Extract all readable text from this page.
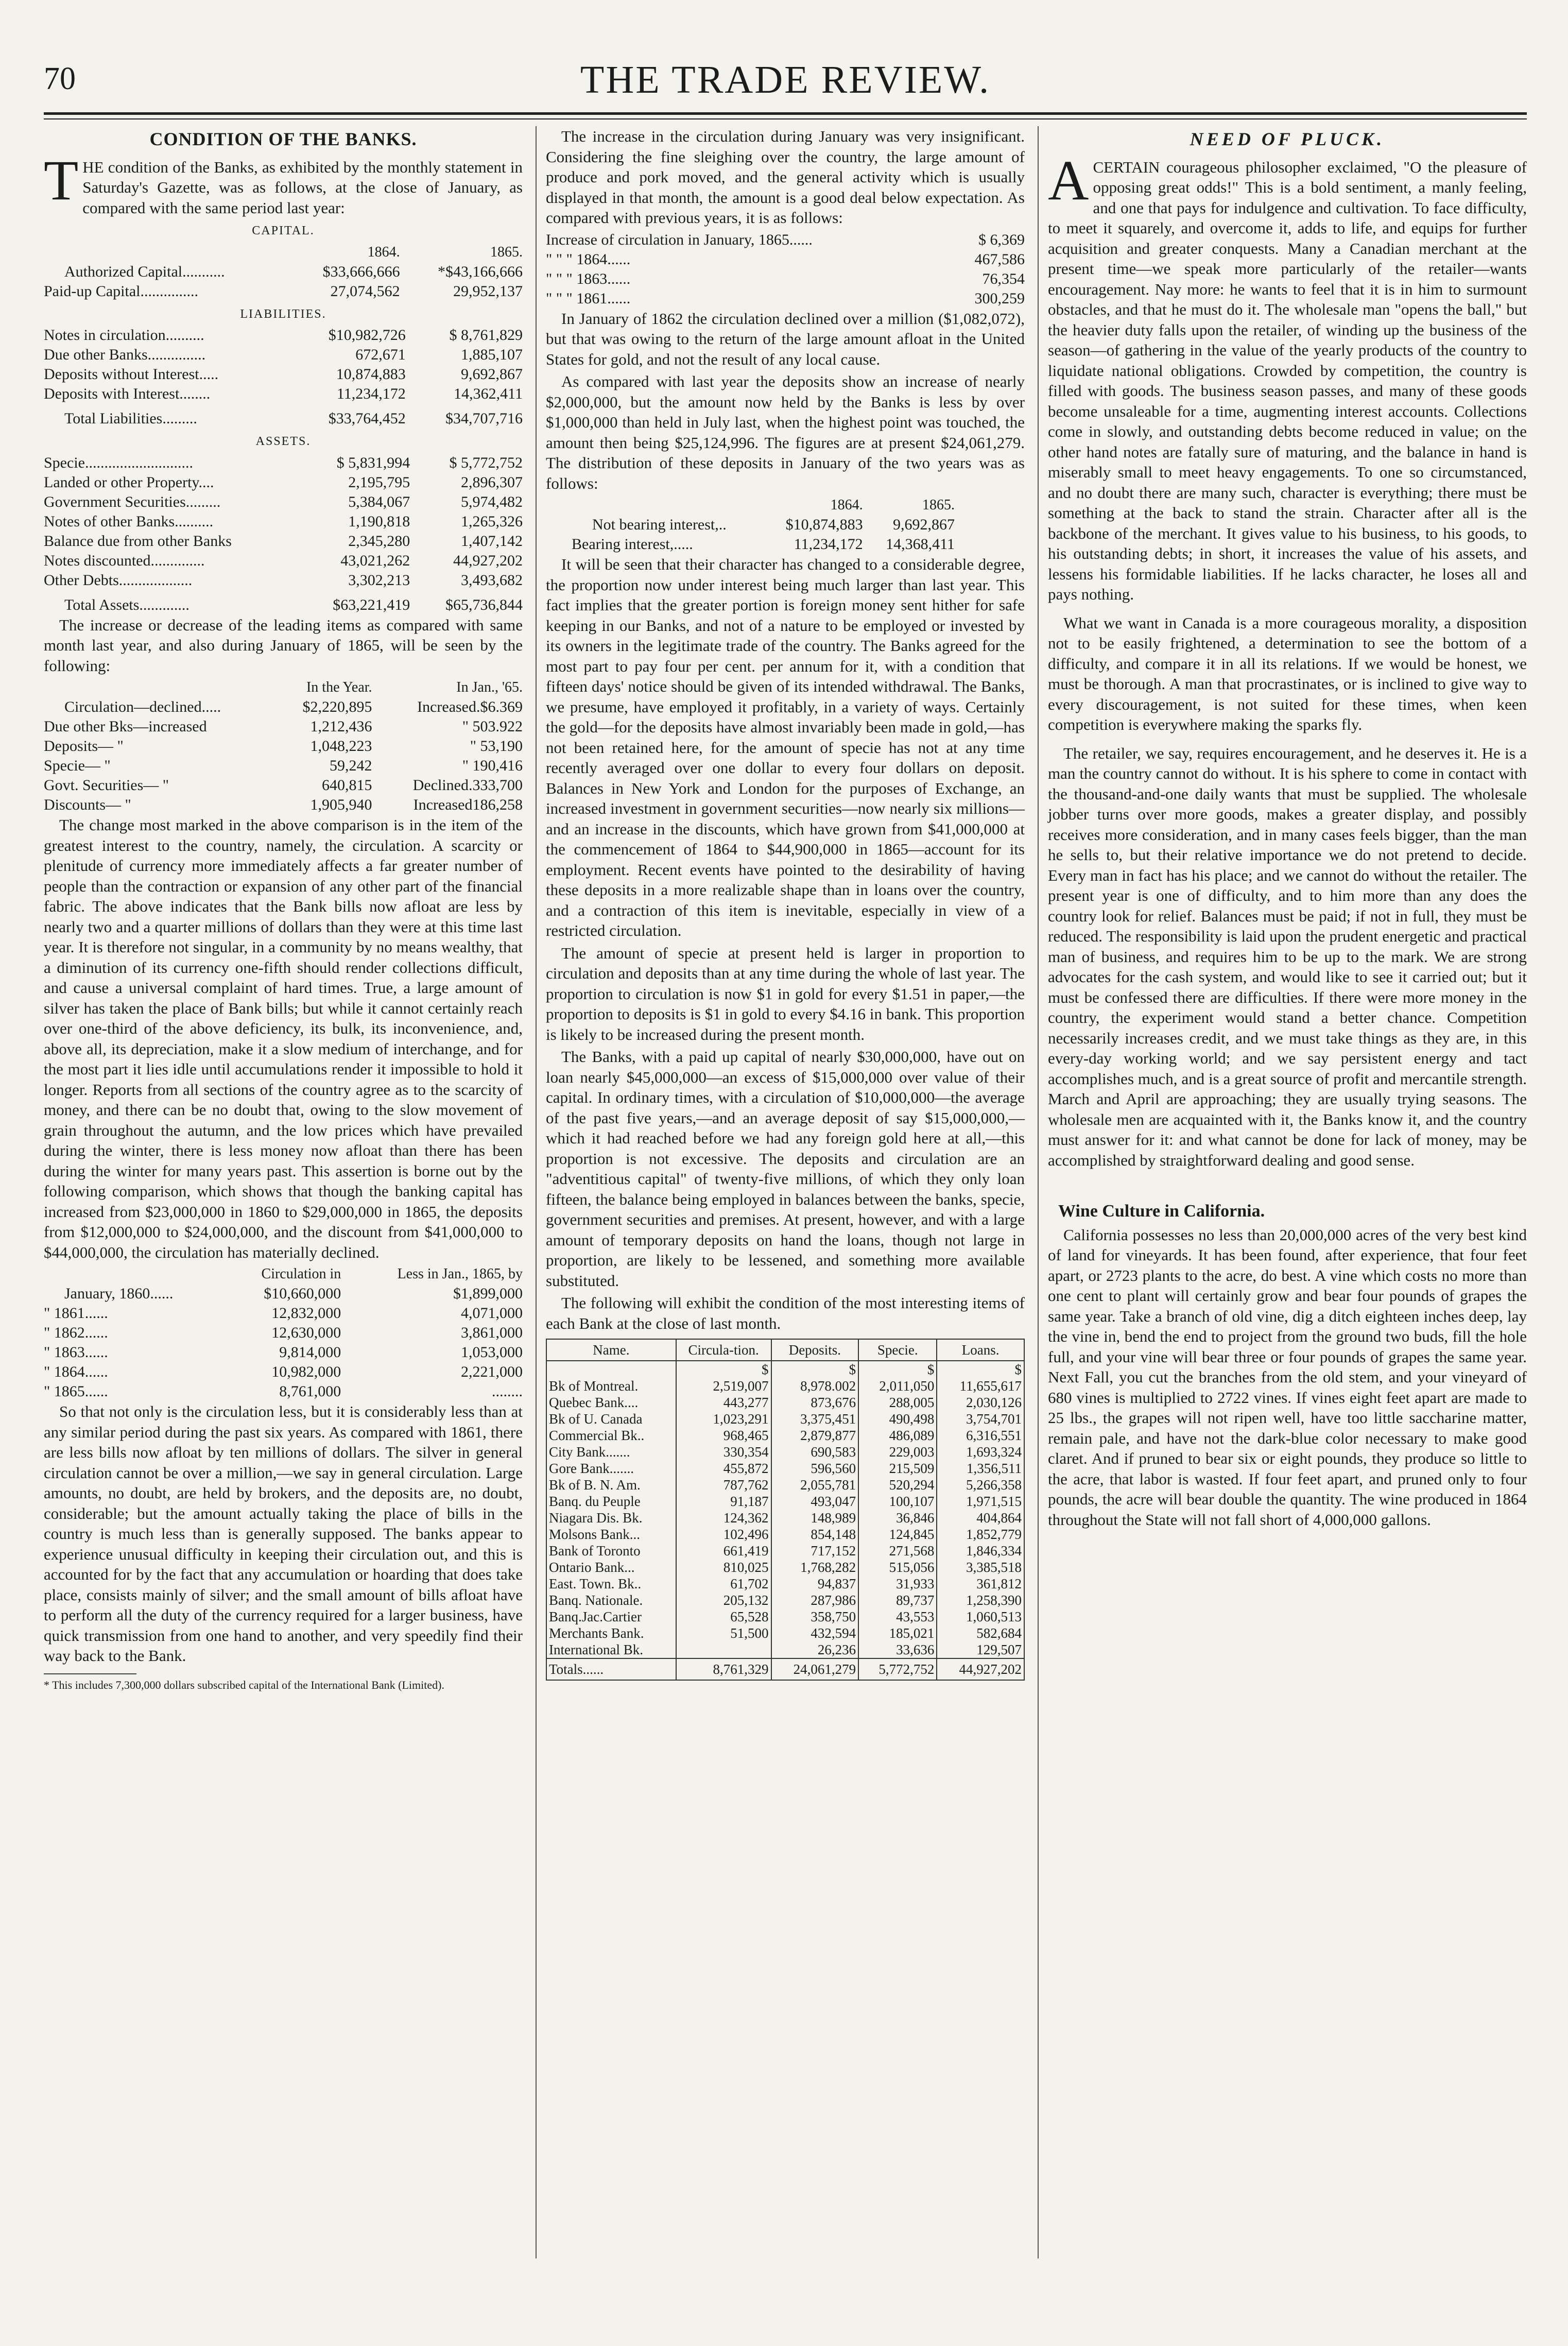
70	THE TRADE REVIEW.
CONDITION OF THE BANKS.

THE condition of the Banks, as exhibited by the monthly statement in Saturday's Gazette, was as follows, at the close of January, as compared with the same period last year:

CAPITAL.
	1864.	1865.
Authorized Capital...........	$33,666,666	*$43,166,666
Paid-up Capital...............	27,074,562	29,952,137
LIABILITIES.
Notes in circulation..........	$10,982,726	$ 8,761,829
Due other Banks...............	672,671	1,885,107
Deposits without Interest.....	10,874,883	9,692,867
Deposits with Interest........	11,234,172	14,362,411
Total Liabilities.........	$33,764,452	$34,707,716
ASSETS.
Specie............................	$ 5,831,994	$ 5,772,752
Landed or other Property....	2,195,795	2,896,307
Government Securities.........	5,384,067	5,974,482
Notes of other Banks..........	1,190,818	1,265,326
Balance due from other Banks	2,345,280	1,407,142
Notes discounted..............	43,021,262	44,927,202
Other Debts...................	3,302,213	3,493,682
Total Assets.............	$63,221,419	$65,736,844

The increase or decrease of the leading items as compared with same month last year, and also during January of 1865, will be seen by the following:

	In the Year.	In Jan., '65.
Circulation—declined.....	$2,220,895	Increased.$6.369
Due other Bks—increased	1,212,436	" 503.922
Deposits— "	1,048,223	" 53,190
Specie— "	59,242	" 190,416
Govt. Securities— "	640,815	Declined.333,700
Discounts— "	1,905,940	Increased186,258

The change most marked in the above comparison is in the item of the greatest interest to the country, namely, the circulation. A scarcity or plenitude of currency more immediately affects a far greater number of people than the contraction or expansion of any other part of the financial fabric. The above indicates that the Bank bills now afloat are less by nearly two and a quarter millions of dollars than they were at this time last year. It is therefore not singular, in a community by no means wealthy, that a diminution of its currency one-fifth should render collections difficult, and cause a universal complaint of hard times. True, a large amount of silver has taken the place of Bank bills; but while it cannot certainly reach over one-third of the above deficiency, its bulk, its inconvenience, and, above all, its depreciation, make it a slow medium of interchange, and for the most part it lies idle until accumulations render it impossible to hold it longer. Reports from all sections of the country agree as to the scarcity of money, and there can be no doubt that, owing to the slow movement of grain throughout the autumn, and the low prices which have prevailed during the winter, there is less money now afloat than there has been during the winter for many years past. This assertion is borne out by the following comparison, which shows that though the banking capital has increased from $23,000,000 in 1860 to $29,000,000 in 1865, the deposits from $12,000,000 to $24,000,000, and the discount from $41,000,000 to $44,000,000, the circulation has materially declined.

	Circulation in	Less in Jan., 1865, by
January, 1860......	$10,660,000	$1,899,000
" 1861......	12,832,000	4,071,000
" 1862......	12,630,000	3,861,000
" 1863......	9,814,000	1,053,000
" 1864......	10,982,000	2,221,000
" 1865......	8,761,000	........

So that not only is the circulation less, but it is considerably less than at any similar period during the past six years. As compared with 1861, there are less bills now afloat by ten millions of dollars. The silver in general circulation cannot be over a million,—we say in general circulation. Large amounts, no doubt, are held by brokers, and the deposits are, no doubt, considerable; but the amount actually taking the place of bills in the country is much less than is generally supposed. The banks appear to experience unusual difficulty in keeping their circulation out, and this is accounted for by the fact that any accumulation or hoarding that does take place, consists mainly of silver; and the small amount of bills afloat have to perform all the duty of the currency required for a larger business, have quick transmission from one hand to another, and very speedily find their way back to the Bank.

* This includes 7,300,000 dollars subscribed capital of the International Bank (Limited).

The increase in the circulation during January was very insignificant. Considering the fine sleighing over the country, the large amount of produce and pork moved, and the general activity which is usually displayed in that month, the amount is a good deal below expectation. As compared with previous years, it is as follows:

Increase of circulation in January, 1865......	$ 6,369
" " " 1864......	467,586
" " " 1863......	76,354
" " " 1861......	300,259

In January of 1862 the circulation declined over a million ($1,082,072), but that was owing to the return of the large amount afloat in the United States for gold, and not the result of any local cause.

As compared with last year the deposits show an increase of nearly $2,000,000, but the amount now held by the Banks is less by over $1,000,000 than held in July last, when the highest point was touched, the amount then being $25,124,996. The figures are at present $24,061,279. The distribution of these deposits in January of the two years was as follows:

	1864.	1865.
Not bearing interest,..	$10,874,883	9,692,867
Bearing interest,.....	11,234,172	14,368,411

It will be seen that their character has changed to a considerable degree, the proportion now under interest being much larger than last year. This fact implies that the greater portion is foreign money sent hither for safe keeping in our Banks, and not of a nature to be employed or invested by its owners in the legitimate trade of the country. The Banks agreed for the most part to pay four per cent. per annum for it, with a condition that fifteen days' notice should be given of its intended withdrawal. The Banks, we presume, have employed it profitably, in a variety of ways. Certainly the gold—for the deposits have almost invariably been made in gold,—has not been retained here, for the amount of specie has not at any time recently averaged over one dollar to every four dollars on deposit. Balances in New York and London for the purposes of Exchange, an increased investment in government securities—now nearly six millions—and an increase in the discounts, which have grown from $41,000,000 at the commencement of 1864 to $44,900,000 in 1865—account for its employment. Recent events have pointed to the desirability of having these deposits in a more realizable shape than in loans over the country, and a contraction of this item is inevitable, especially in view of a restricted circulation.

The amount of specie at present held is larger in proportion to circulation and deposits than at any time during the whole of last year. The proportion to circulation is now $1 in gold for every $1.51 in paper,—the proportion to deposits is $1 in gold to every $4.16 in bank. This proportion is likely to be increased during the present month.

The Banks, with a paid up capital of nearly $30,000,000, have out on loan nearly $45,000,000—an excess of $15,000,000 over value of their capital. In ordinary times, with a circulation of $10,000,000—the average of the past five years,—and an average deposit of say $15,000,000,—which it had reached before we had any foreign gold here at all,—this proportion is not excessive. The deposits and circulation are an "adventitious capital" of twenty-five millions, of which they only loan fifteen, the balance being employed in balances between the banks, specie, government securities and premises. At present, however, and with a large amount of temporary deposits on hand the loans, though not large in proportion, are likely to be lessened, and something more available substituted.

The following will exhibit the condition of the most interesting items of each Bank at the close of last month.

Name.	Circula-tion.	Deposits.	Specie.	Loans.
	$	$	$	$
Bk of Montreal.	2,519,007	8,978.002	2,011,050	11,655,617
Quebec Bank....	443,277	873,676	288,005	2,030,126
Bk of U. Canada	1,023,291	3,375,451	490,498	3,754,701
Commercial Bk..	968,465	2,879,877	486,089	6,316,551
City Bank.......	330,354	690,583	229,003	1,693,324
Gore Bank.......	455,872	596,560	215,509	1,356,511
Bk of B. N. Am.	787,762	2,055,781	520,294	5,266,358
Banq. du Peuple	91,187	493,047	100,107	1,971,515
Niagara Dis. Bk.	124,362	148,989	36,846	404,864
Molsons Bank...	102,496	854,148	124,845	1,852,779
Bank of Toronto	661,419	717,152	271,568	1,846,334
Ontario Bank...	810,025	1,768,282	515,056	3,385,518
East. Town. Bk..	61,702	94,837	31,933	361,812
Banq. Nationale.	205,132	287,986	89,737	1,258,390
Banq.Jac.Cartier	65,528	358,750	43,553	1,060,513
Merchants Bank.	51,500	432,594	185,021	582,684
International Bk.		26,236	33,636	129,507
Totals......	8,761,329	24,061,279	5,772,752	44,927,202
NEED OF PLUCK.

ACERTAIN courageous philosopher exclaimed, "O the pleasure of opposing great odds!" This is a bold sentiment, a manly feeling, and one that pays for indulgence and cultivation. To face difficulty, to meet it squarely, and overcome it, adds to life, and equips for further acquisition and greater conquests. Many a Canadian merchant at the present time—we speak more particularly of the retailer—wants encouragement. Nay more: he wants to feel that it is in him to surmount obstacles, and that he must do it. The wholesale man "opens the ball," but the heavier duty falls upon the retailer, of winding up the business of the season—of gathering in the value of the yearly products of the country to liquidate national obligations. Crowded by competition, the country is filled with goods. The business season passes, and many of these goods become unsaleable for a time, augmenting interest accounts. Collections come in slowly, and outstanding debts become reduced in value; on the other hand notes are fatally sure of maturing, and the balance in hand is miserably small to meet heavy engagements. To one so circumstanced, and no doubt there are many such, character is everything; there must be something at the back to stand the strain. Character after all is the backbone of the merchant. It gives value to his business, to his goods, to his outstanding debts; in short, it increases the value of his assets, and lessens his formidable liabilities. If he lacks character, he loses all and pays nothing.

What we want in Canada is a more courageous morality, a disposition not to be easily frightened, a determination to see the bottom of a difficulty, and compare it in all its relations. If we would be honest, we must be thorough. A man that procrastinates, or is inclined to give way to every discouragement, is not suited for these times, when keen competition is everywhere making the sparks fly.

The retailer, we say, requires encouragement, and he deserves it. He is a man the country cannot do without. It is his sphere to come in contact with the thousand-and-one daily wants that must be supplied. The wholesale jobber turns over more goods, makes a greater display, and possibly receives more consideration, and in many cases feels bigger, than the man he sells to, but their relative importance we do not pretend to decide. Every man in fact has his place; and we cannot do without the retailer. The present year is one of difficulty, and to him more than any does the country look for relief. Balances must be paid; if not in full, they must be reduced. The responsibility is laid upon the prudent energetic and practical man of business, and requires him to be up to the mark. We are strong advocates for the cash system, and would like to see it carried out; but it must be confessed there are difficulties. If there were more money in the country, the experiment would stand a better chance. Competition necessarily increases credit, and we must take things as they are, in this every-day working world; and we say persistent energy and tact accomplishes much, and is a great source of profit and mercantile strength. March and April are approaching; they are usually trying seasons. The wholesale men are acquainted with it, the Banks know it, and the country must answer for it: and what cannot be done for lack of money, may be accomplished by straightforward dealing and good sense.

Wine Culture in California.

California possesses no less than 20,000,000 acres of the very best kind of land for vineyards. It has been found, after experience, that four feet apart, or 2723 plants to the acre, do best. A vine which costs no more than one cent to plant will certainly grow and bear four pounds of grapes the same year. Take a branch of old vine, dig a ditch eighteen inches deep, lay the vine in, bend the end to project from the ground two buds, fill the hole full, and your vine will bear three or four pounds of grapes the same year. Next Fall, you cut the branches from the old stem, and your vineyard of 680 vines is multiplied to 2722 vines. If vines eight feet apart are made to 25 lbs., the grapes will not ripen well, have too little saccharine matter, remain pale, and have not the dark-blue color necessary to make good claret. And if pruned to bear six or eight pounds, they produce so little to the acre, that labor is wasted. If four feet apart, and pruned only to four pounds, the acre will bear double the quantity. The wine produced in 1864 throughout the State will not fall short of 4,000,000 gallons.
